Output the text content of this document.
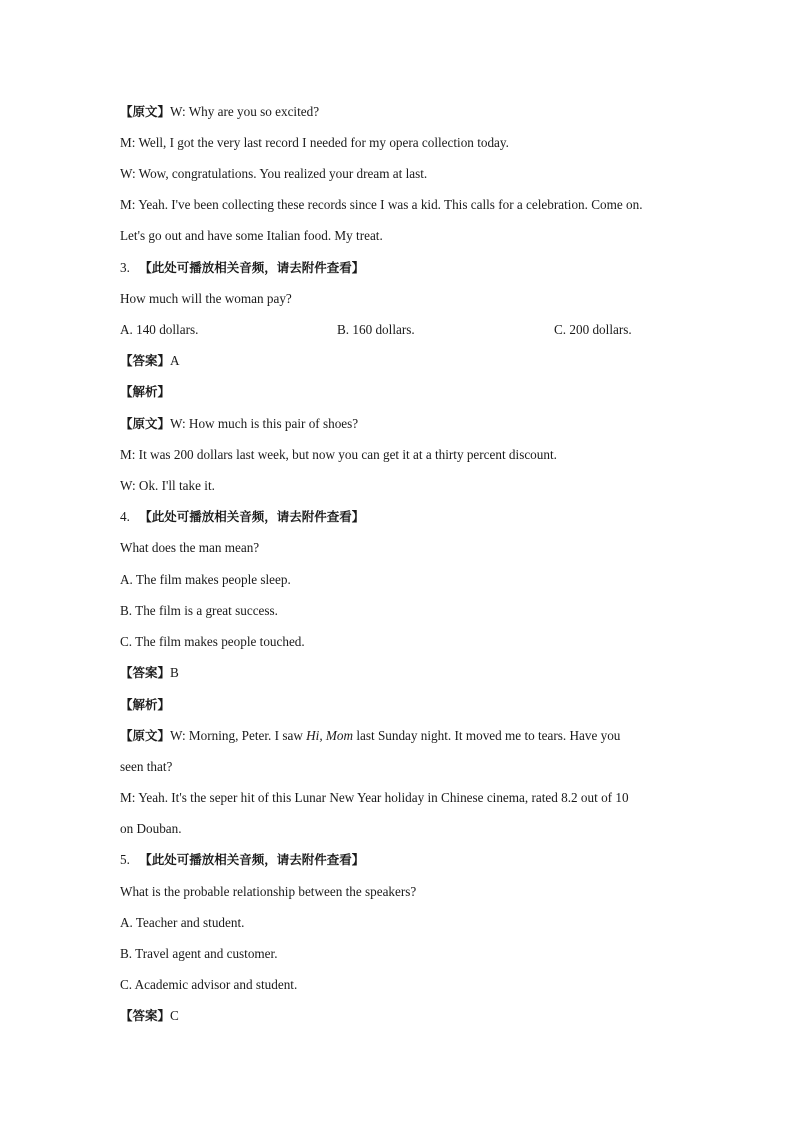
【原文】W: Why are you so excited?
M: Well, I got the very last record I needed for my opera collection today.
W: Wow, congratulations. You realized your dream at last.
M: Yeah. I've been collecting these records since I was a kid. This calls for a celebration. Come on.
Let's go out and have some Italian food. My treat.
3. 【此处可播放相关音频，请去附件查看】
How much will the woman pay?
A. 140 dollars.	B. 160 dollars.	C. 200 dollars.
【答案】A
【解析】
【原文】W: How much is this pair of shoes?
M: It was 200 dollars last week, but now you can get it at a thirty percent discount.
W: Ok. I'll take it.
4. 【此处可播放相关音频，请去附件查看】
What does the man mean?
A. The film makes people sleep.
B. The film is a great success.
C. The film makes people touched.
【答案】B
【解析】
【原文】W: Morning, Peter. I saw Hi, Mom last Sunday night. It moved me to tears. Have you
seen that?
M: Yeah. It's the seper hit of this Lunar New Year holiday in Chinese cinema, rated 8.2 out of 10
on Douban.
5. 【此处可播放相关音频，请去附件查看】
What is the probable relationship between the speakers?
A. Teacher and student.
B. Travel agent and customer.
C. Academic advisor and student.
【答案】C
